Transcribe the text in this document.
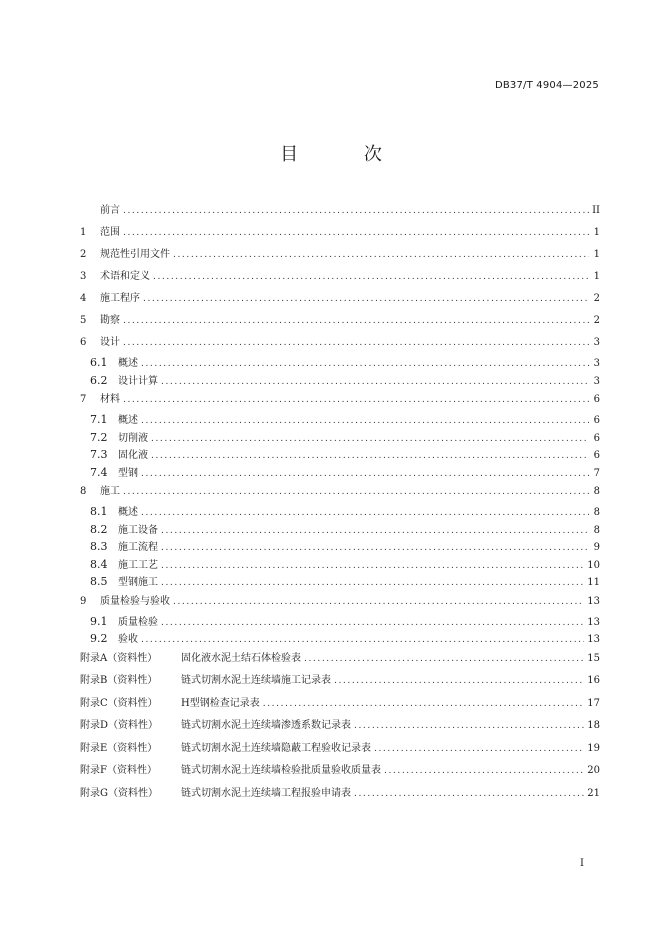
DB37/T 4904—2025
目 次
前言 .....	II
1	范围 .....	1
2	规范性引用文件 .....	1
3	术语和定义 .....	1
4	施工程序 .....	2
5	勘察 .....	2
6	设计 .....	3
6.1	概述 .....	3
6.2	设计计算 .....	3
7	材料 .....	6
7.1	概述 .....	6
7.2	切削液 .....	6
7.3	固化液 .....	6
7.4	型钢 .....	7
8	施工 .....	8
8.1	概述 .....	8
8.2	施工设备 .....	8
8.3	施工流程 .....	9
8.4	施工工艺 .....	10
8.5	型钢施工 .....	11
9	质量检验与验收 .....	13
9.1	质量检验 .....	13
9.2	验收 .....	13
附录A（资料性）	固化液水泥土结石体检验表 .....	15
附录B（资料性）	链式切割水泥土连续墙施工记录表 .....	16
附录C（资料性）	H型钢检查记录表 .....	17
附录D（资料性）	链式切割水泥土连续墙渗透系数记录表 .....	18
附录E（资料性）	链式切割水泥土连续墙隐蔽工程验收记录表 .....	19
附录F（资料性）	链式切割水泥土连续墙检验批质量验收质量表 .....	20
附录G（资料性）	链式切割水泥土连续墙工程报验申请表 .....	21
I
